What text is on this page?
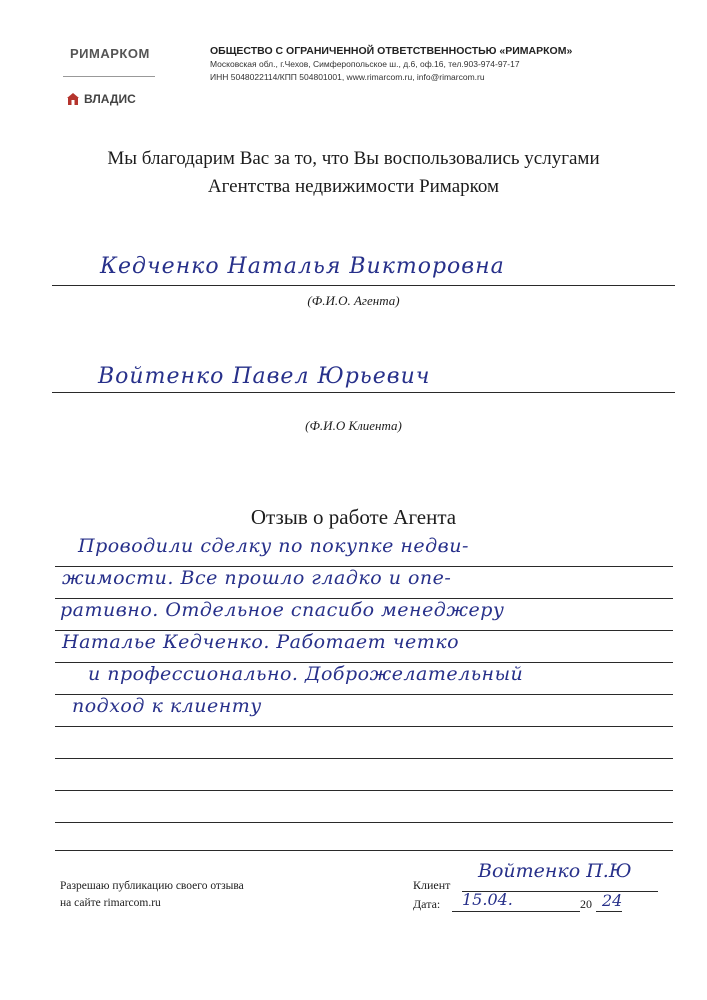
РИМАРКОМ
ВЛАДИС
ОБЩЕСТВО С ОГРАНИЧЕННОЙ ОТВЕТСТВЕННОСТЬЮ «РИМАРКОМ»
Московская обл., г.Чехов, Симферопольское ш., д.6, оф.16, тел.903-974-97-17
ИНН 5048022114/КПП 504801001, www.rimarcom.ru, info@rimarcom.ru
Мы благодарим Вас за то, что Вы воспользовались услугами
Агентства недвижимости Римарком
Кедченко Наталья Викторовна
(Ф.И.О. Агента)
Войтенко Павел Юрьевич
(Ф.И.О Клиента)
Отзыв о работе Агента
Проводили сделку по покупке недви-
жимости. Все прошло гладко и опе-
ративно. Отдельное спасибо менеджеру
Наталье Кедченко. Работает четко
и профессионально. Доброжелательный
подход к клиенту
Разрешаю публикацию своего отзыва
на сайте rimarcom.ru
Клиент
Войтенко П.Ю
Дата: 15.04.	20 24
